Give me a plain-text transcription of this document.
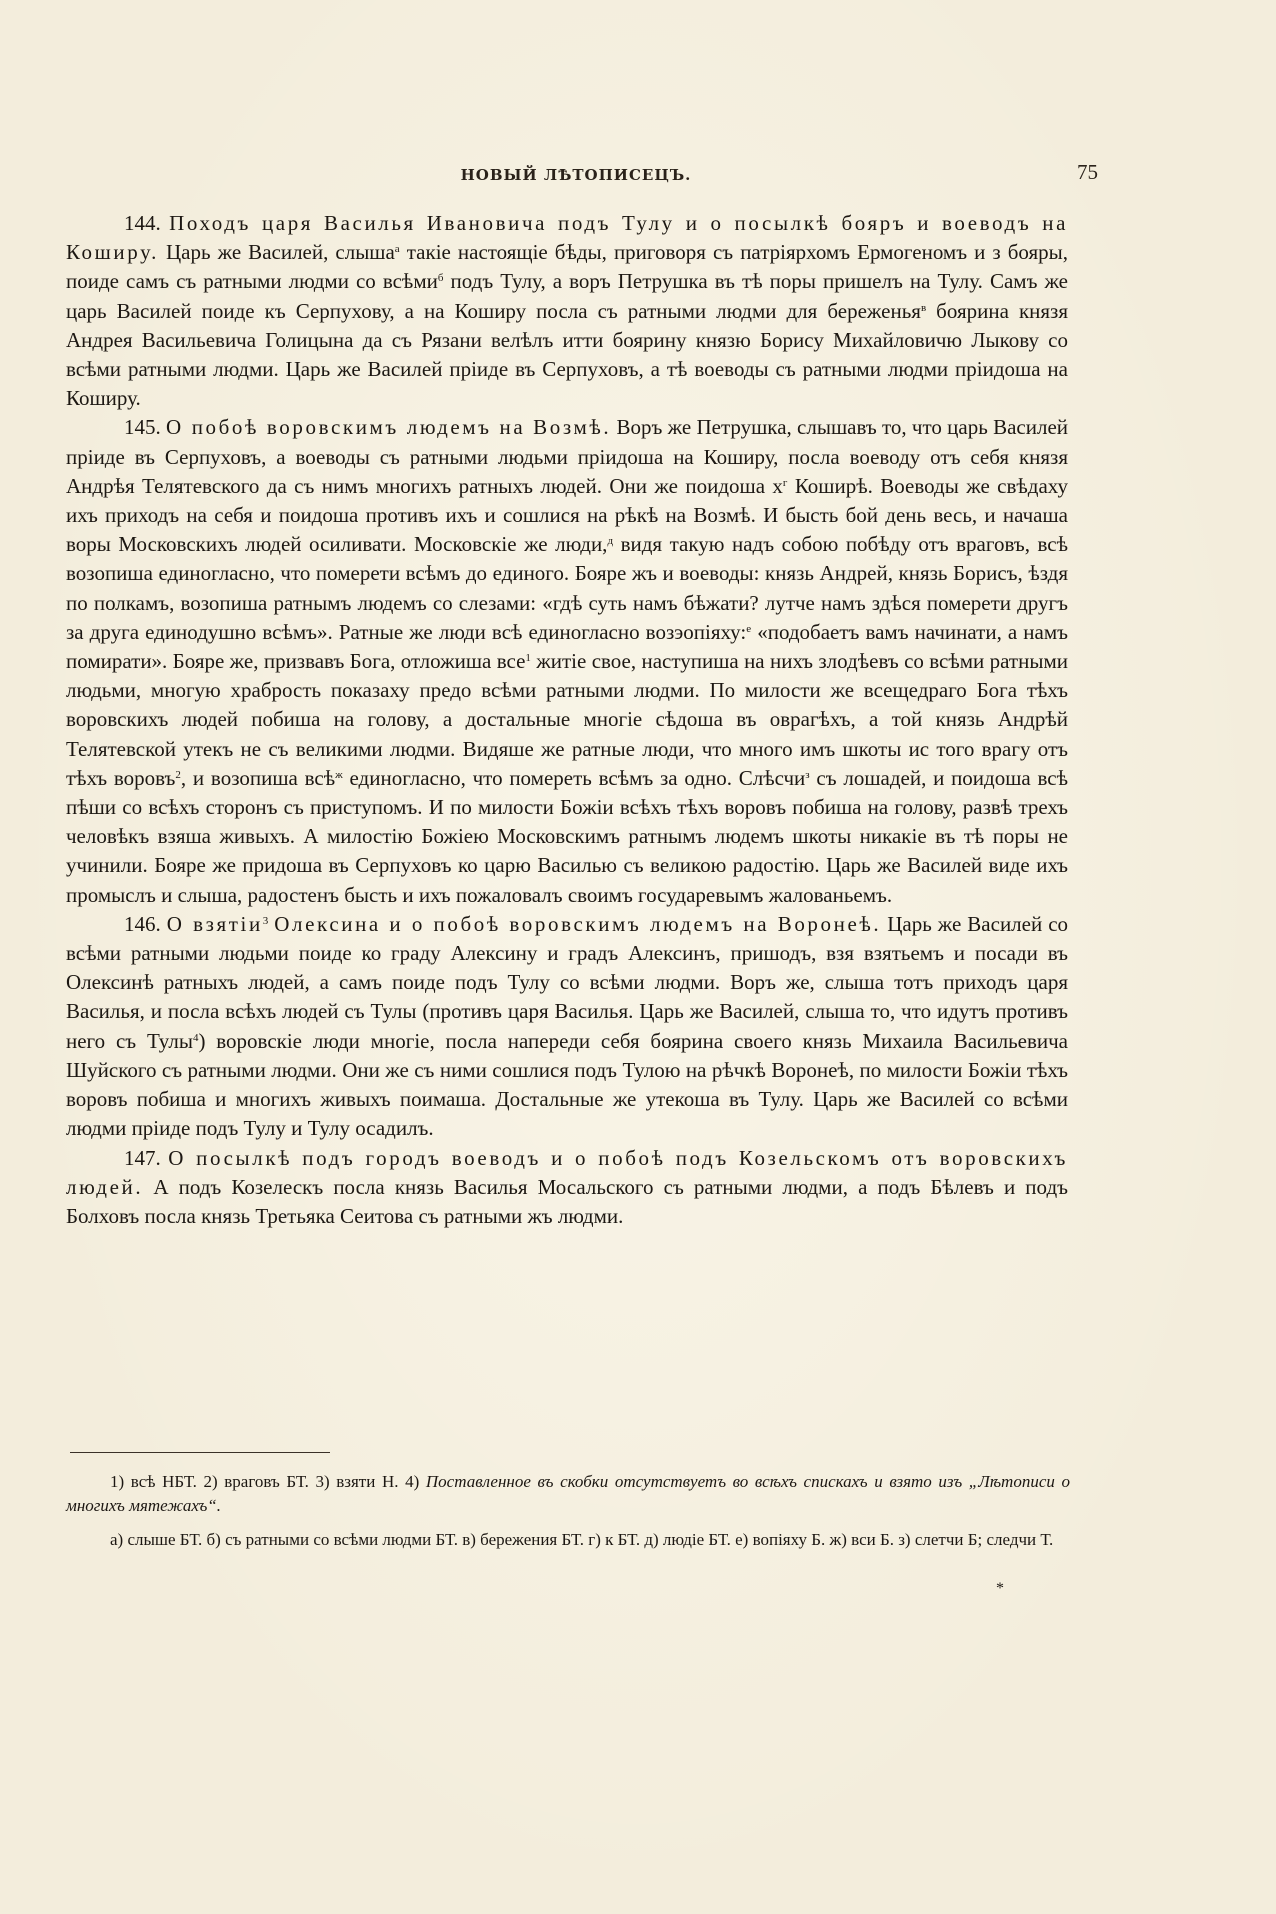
НОВЫЙ ЛѢТОПИСЕЦЪ.	75

144. Походъ царя Василья Ивановича подъ Тулу и о посылкѣ бояръ и воеводъ на Коширу. Царь же Василей, слыша$^а$ такіе настоящіе бѣды, приговоря съ патріярхомъ Ермогеномъ и з бояры, поиде самъ съ ратными людми со всѣми$^б$ подъ Тулу, а воръ Петрушка въ тѣ поры пришелъ на Тулу. Самъ же царь Василей поиде къ Серпухову, а на Коширу посла съ ратными людми для береженья$^в$ боярина князя Андрея Васильевича Голицына да съ Рязани велѣлъ итти боярину князю Борису Михайловичю Лыкову со всѣми ратными людми. Царь же Василей пріиде въ Серпуховъ, а тѣ воеводы съ ратными людми пріидоша на Коширу.

145. О побоѣ воровскимъ людемъ на Возмѣ. Воръ же Петрушка, слышавъ то, что царь Василей пріиде въ Серпуховъ, а воеводы съ ратными людьми пріидоша на Коширу, посла воеводу отъ себя князя Андрѣя Телятевского да съ нимъ многихъ ратныхъ людей. Они же поидоша $х^г$ Коширѣ. Воеводы же свѣдаху ихъ приходъ на себя и поидоша противъ ихъ и сошлися на рѣкѣ на Возмѣ. И бысть бой день весь, и начаша воры Московскихъ людей осиливати. Московскіе же люди,$^д$ видя такую надъ собою побѣду отъ враговъ, всѣ возопиша единогласно, что померети всѣмъ до единого. Бояре жъ и воеводы: князь Андрей, князь Борисъ, ѣздя по полкамъ, возопиша ратнымъ людемъ со слезами: «гдѣ суть намъ бѣжати? лутче намъ здѣся померети другъ за друга единодушно всѣмъ». Ратные же люди всѣ единогласно возэопіяху:$^е$ «подобаетъ вамъ начинати, а намъ помирати». Бояре же, призвавъ Бога, отложиша все$^1$ житіе свое, наступиша на нихъ злодѣевъ со всѣми ратными людьми, многую храбрость показаху предо всѣми ратными людми. По милости же всещедраго Бога тѣхъ воровскихъ людей побиша на голову, а достальные многіе сѣдоша въ оврагѣхъ, а той князь Андрѣй Телятевской утекъ не съ великими людми. Видяше же ратные люди, что много имъ шкоты ис того врагу отъ тѣхъ воровъ$^2$, и возопиша всѣ$^ж$ единогласно, что помереть всѣмъ за одно. Слѣсчи$^з$ съ лошадей, и поидоша всѣ пѣши со всѣхъ сторонъ съ приступомъ. И по милости Божіи всѣхъ тѣхъ воровъ побиша на голову, развѣ трехъ человѣкъ взяша живыхъ. А милостію Божіею Московскимъ ратнымъ людемъ шкоты никакіе въ тѣ поры не учинили. Бояре же придоша въ Серпуховъ ко царю Василью съ великою радостію. Царь же Василей виде ихъ промыслъ и слыша, радостенъ бысть и ихъ пожаловалъ своимъ государевымъ жалованьемъ.

146. О взятіи$^3$ Олексина и о побоѣ воровскимъ людемъ на Воронеѣ. Царь же Василей со всѣми ратными людьми поиде ко граду Алексину и градъ Алексинъ, пришодъ, взя взятьемъ и посади въ Олексинѣ ратныхъ людей, а самъ поиде подъ Тулу со всѣми людми. Воръ же, слыша тотъ приходъ царя Василья, и посла всѣхъ людей съ Тулы (противъ царя Василья. Царь же Василей, слыша то, что идутъ противъ него съ Тулы$^4$) воровскіе люди многіе, посла напереди себя боярина своего князь Михаила Васильевича Шуйского съ ратными людми. Они же съ ними сошлися подъ Тулою на рѣчкѣ Воронеѣ, по милости Божіи тѣхъ воровъ побиша и многихъ живыхъ поимаша. Достальные же утекоша въ Тулу. Царь же Василей со всѣми людми пріиде подъ Тулу и Тулу осадилъ.

147. О посылкѣ подъ городъ воеводъ и о побоѣ подъ Козельскомъ отъ воровскихъ людей. А подъ Козелескъ посла князь Василья Мосальского съ ратными людми, а подъ Бѣлевъ и подъ Болховъ посла князь Третьяка Сеитова съ ратными жъ людми.

1) всѣ НБТ. 2) враговъ БТ. 3) взяти Н. 4) Поставленное въ скобки отсутствуетъ во всѣхъ спискахъ и взято изъ „Лѣтописи о многихъ мятежахъ“.

а) слыше БТ. б) съ ратными со всѣми людми БТ. в) бережения БТ. г) к БТ. д) людіе БТ. е) вопіяху Б. ж) вси Б. з) слетчи Б; следчи Т.

*
